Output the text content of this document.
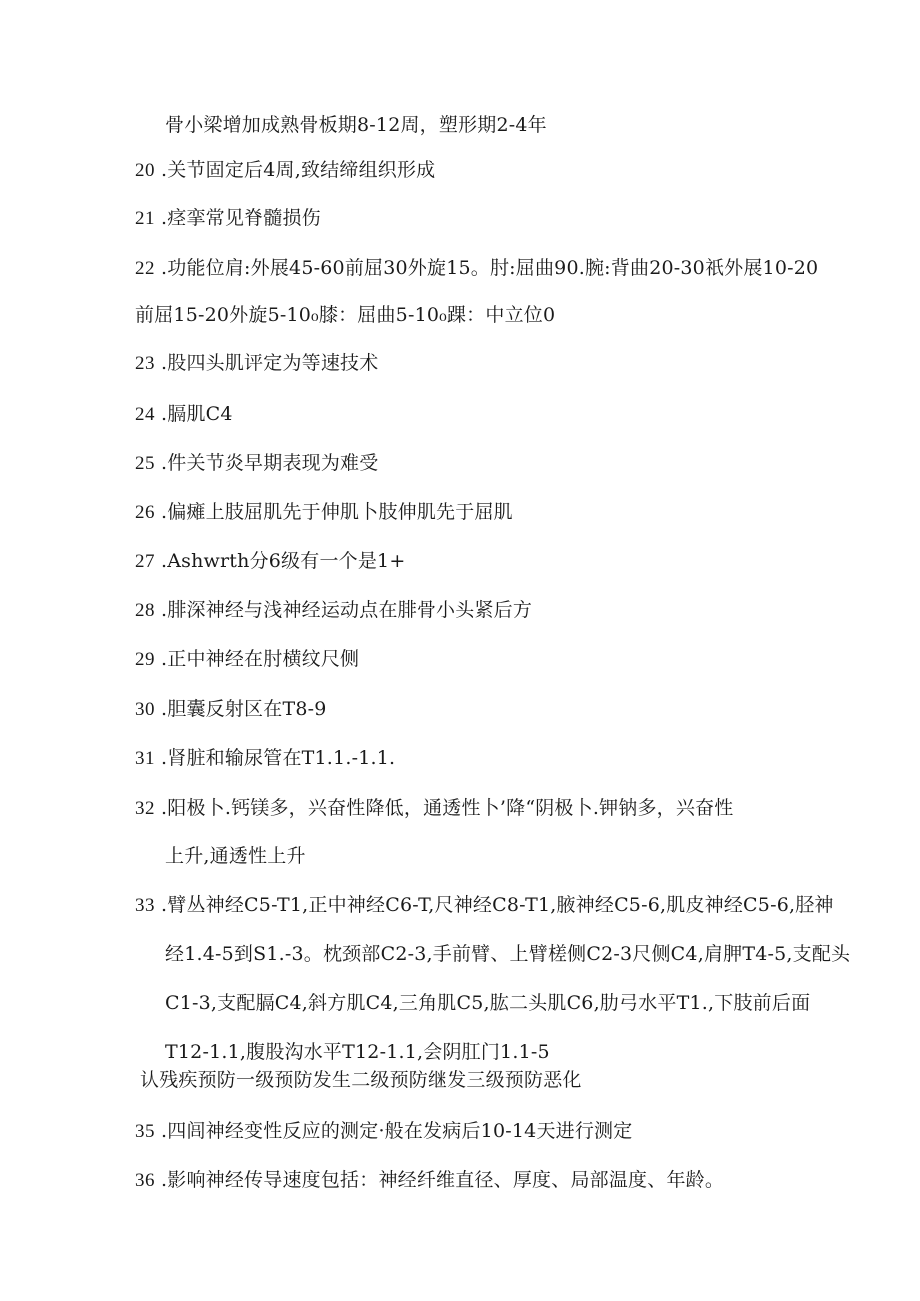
骨小梁增加成熟骨板期8-12周，塑形期2-4年
20 .关节固定后4周,致结缔组织形成
21 .痉挛常见脊髓损伤
22 .功能位肩:外展45-60前屈30外旋15。肘:屈曲90.腕:背曲20-30祇外展10-20
前屈15-20外旋5-10₀膝：屈曲5-10₀踝：中立位0
23 .股四头肌评定为等速技术
24 .膈肌C4
25 .件关节炎早期表现为难受
26 .偏瘫上肢屈肌先于伸肌卜肢伸肌先于屈肌
27 .Ashwrth分6级有一个是1+
28 .腓深神经与浅神经运动点在腓骨小头紧后方
29 .正中神经在肘横纹尺侧
30 .胆囊反射区在T8-9
31 .肾脏和输尿管在T1.1.-1.1.
32 .阳极卜.钙镁多，兴奋性降低，通透性卜’降“阴极卜.钾钠多，兴奋性
上升,通透性上升
33 .臂丛神经C5-T1,正中神经C6-T,尺神经C8-T1,腋神经C5-6,肌皮神经C5-6,胫神
经1.4-5到S1.-3。枕颈部C2-3,手前臂、上臂槎侧C2-3尺侧C4,肩胛T4-5,支配头
C1-3,支配膈C4,斜方肌C4,三角肌C5,肱二头肌C6,肋弓水平T1.,下肢前后面
T12-1.1,腹股沟水平T12-1.1,会阴肛门1.1-5
认残疾预防一级预防发生二级预防继发三级预防恶化
35 .四闾神经变性反应的测定·般在发病后10-14天进行测定
36 .影响神经传导速度包括：神经纤维直径、厚度、局部温度、年龄。
